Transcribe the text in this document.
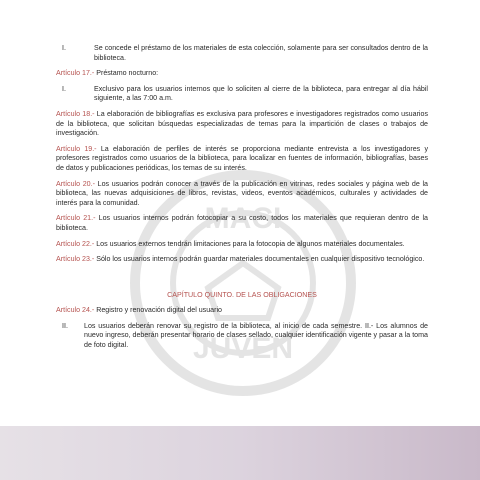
MACI
JUVEN
I.	Se concede el préstamo de los materiales de esta colección, solamente para ser consultados dentro de la biblioteca.
Artículo 17.- Préstamo nocturno:
I.	Exclusivo para los usuarios internos que lo soliciten al cierre de la biblioteca, para entregar al día hábil siguiente, a las 7:00 a.m.
Artículo 18.- La elaboración de bibliografías es exclusiva para profesores e investigadores registrados como usuarios de la biblioteca, que solicitan búsquedas especializadas de temas para la impartición de clases o trabajos de investigación.
Artículo 19.- La elaboración de perfiles de interés se proporciona mediante entrevista a los investigadores y profesores registrados como usuarios de la biblioteca, para localizar en fuentes de información, bibliografías, bases de datos y publicaciones periódicas, los temas de su interés.
Artículo 20.- Los usuarios podrán conocer a través de la publicación en vitrinas, redes sociales y página web de la biblioteca, las nuevas adquisiciones de libros, revistas, videos, eventos académicos, culturales y actividades de interés para la comunidad.
Artículo 21.- Los usuarios internos podrán fotocopiar a su costo, todos los materiales que requieran dentro de la biblioteca.
Artículo 22.- Los usuarios externos tendrán limitaciones para la fotocopia de algunos materiales documentales.
Artículo 23.- Sólo los usuarios internos podrán guardar materiales documentales en cualquier dispositivo tecnológico.
CAPÍTULO QUINTO. DE LAS OBLIGACIONES
Artículo 24.- Registro y renovación digital del usuario
II.	Los usuarios deberán renovar su registro de la biblioteca, al inicio de cada semestre. II.- Los alumnos de nuevo ingreso, deberán presentar horario de clases sellado, cualquier identificación vigente y pasar a la toma de foto digital.
